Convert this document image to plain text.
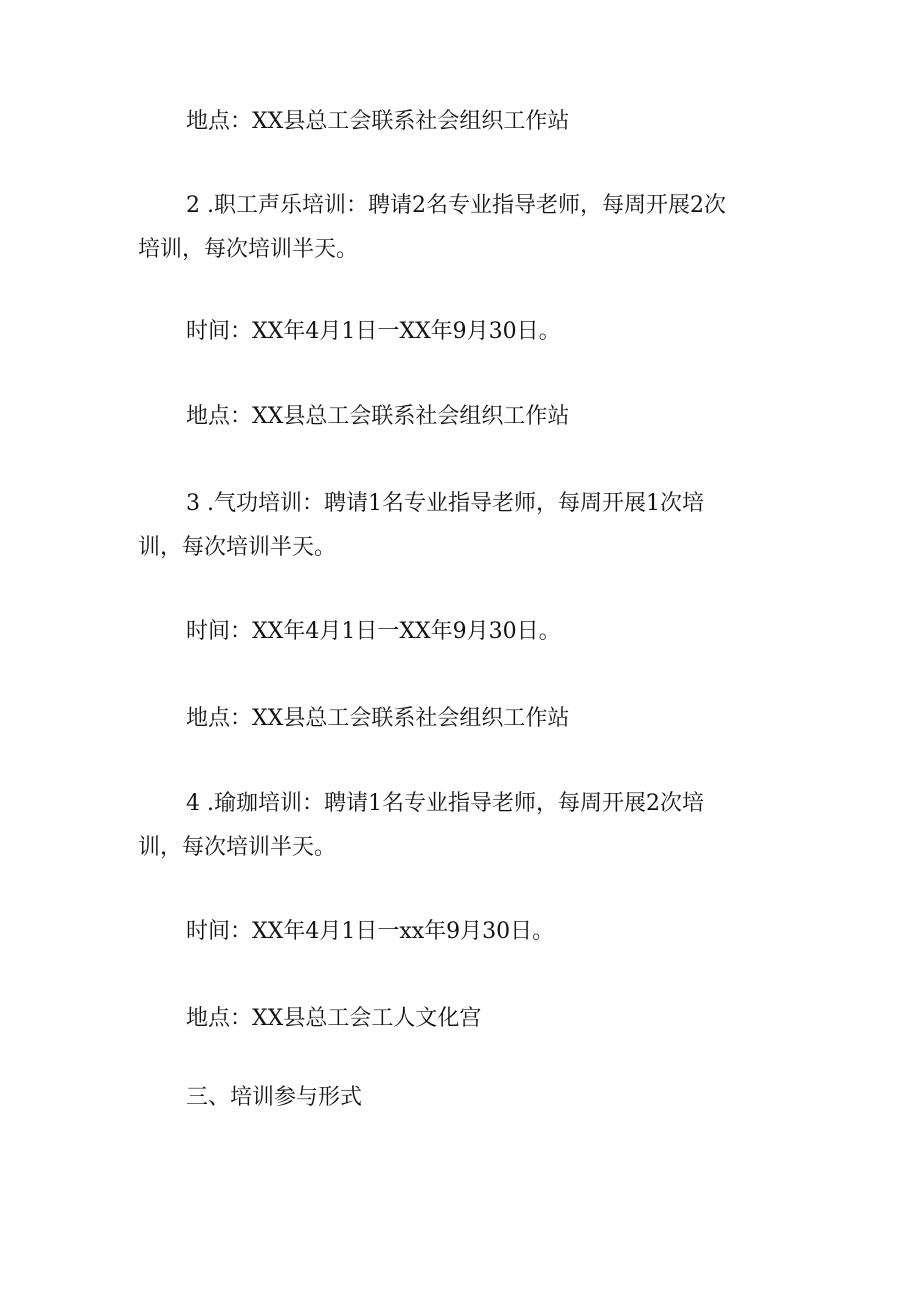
地点：XX县总工会联系社会组织工作站

2 .职工声乐培训：聘请2名专业指导老师，每周开展2次
培训，每次培训半天。

时间：XX年4月1日一XX年9月30日。

地点：XX县总工会联系社会组织工作站

3 .气功培训：聘请1名专业指导老师，每周开展1次培
训，每次培训半天。

时间：XX年4月1日一XX年9月30日。

地点：XX县总工会联系社会组织工作站

4 .瑜珈培训：聘请1名专业指导老师，每周开展2次培
训，每次培训半天。

时间：XX年4月1日一xx年9月30日。

地点：XX县总工会工人文化宫

三、培训参与形式
